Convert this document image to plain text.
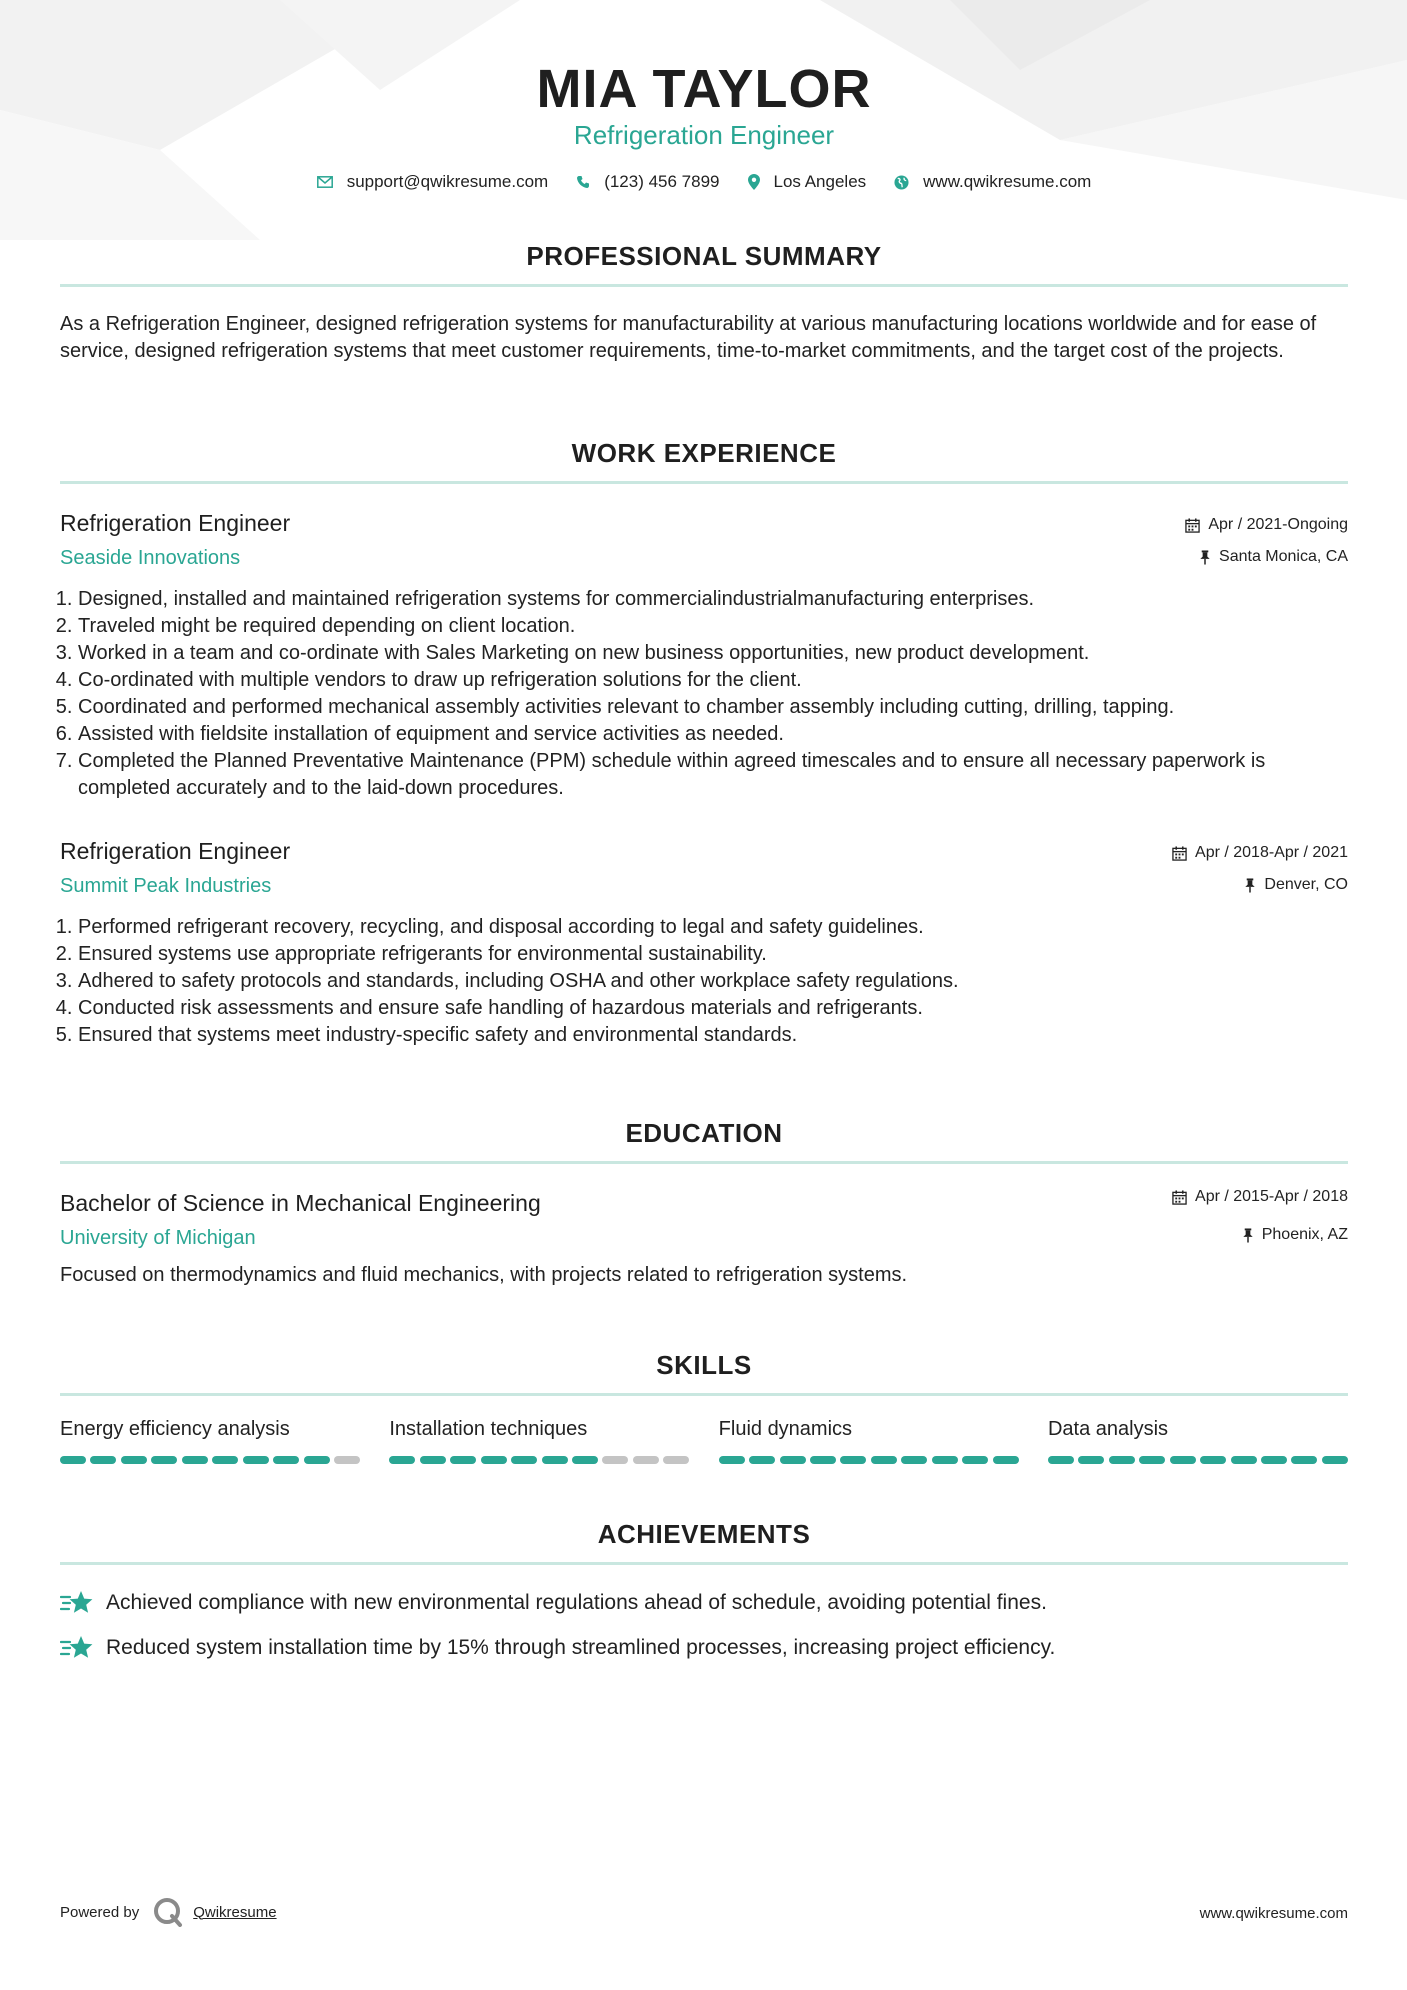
MIA TAYLOR
Refrigeration Engineer
support@qwikresume.com	(123) 456 7899	Los Angeles	www.qwikresume.com
PROFESSIONAL SUMMARY
As a Refrigeration Engineer, designed refrigeration systems for manufacturability at various manufacturing locations worldwide and for ease of service, designed refrigeration systems that meet customer requirements, time-to-market commitments, and the target cost of the projects.
WORK EXPERIENCE
Refrigeration Engineer
Seaside Innovations
Apr / 2021-Ongoing
Santa Monica, CA
1. Designed, installed and maintained refrigeration systems for commercialindustrialmanufacturing enterprises.
2. Traveled might be required depending on client location.
3. Worked in a team and co-ordinate with Sales Marketing on new business opportunities, new product development.
4. Co-ordinated with multiple vendors to draw up refrigeration solutions for the client.
5. Coordinated and performed mechanical assembly activities relevant to chamber assembly including cutting, drilling, tapping.
6. Assisted with fieldsite installation of equipment and service activities as needed.
7. Completed the Planned Preventative Maintenance (PPM) schedule within agreed timescales and to ensure all necessary paperwork is completed accurately and to the laid-down procedures.
Refrigeration Engineer
Summit Peak Industries
Apr / 2018-Apr / 2021
Denver, CO
1. Performed refrigerant recovery, recycling, and disposal according to legal and safety guidelines.
2. Ensured systems use appropriate refrigerants for environmental sustainability.
3. Adhered to safety protocols and standards, including OSHA and other workplace safety regulations.
4. Conducted risk assessments and ensure safe handling of hazardous materials and refrigerants.
5. Ensured that systems meet industry-specific safety and environmental standards.
EDUCATION
Bachelor of Science in Mechanical Engineering
University of Michigan
Apr / 2015-Apr / 2018
Phoenix, AZ
Focused on thermodynamics and fluid mechanics, with projects related to refrigeration systems.
SKILLS
Energy efficiency analysis	Installation techniques	Fluid dynamics	Data analysis
ACHIEVEMENTS
Achieved compliance with new environmental regulations ahead of schedule, avoiding potential fines.
Reduced system installation time by 15% through streamlined processes, increasing project efficiency.
Powered by	Qwikresume	www.qwikresume.com
